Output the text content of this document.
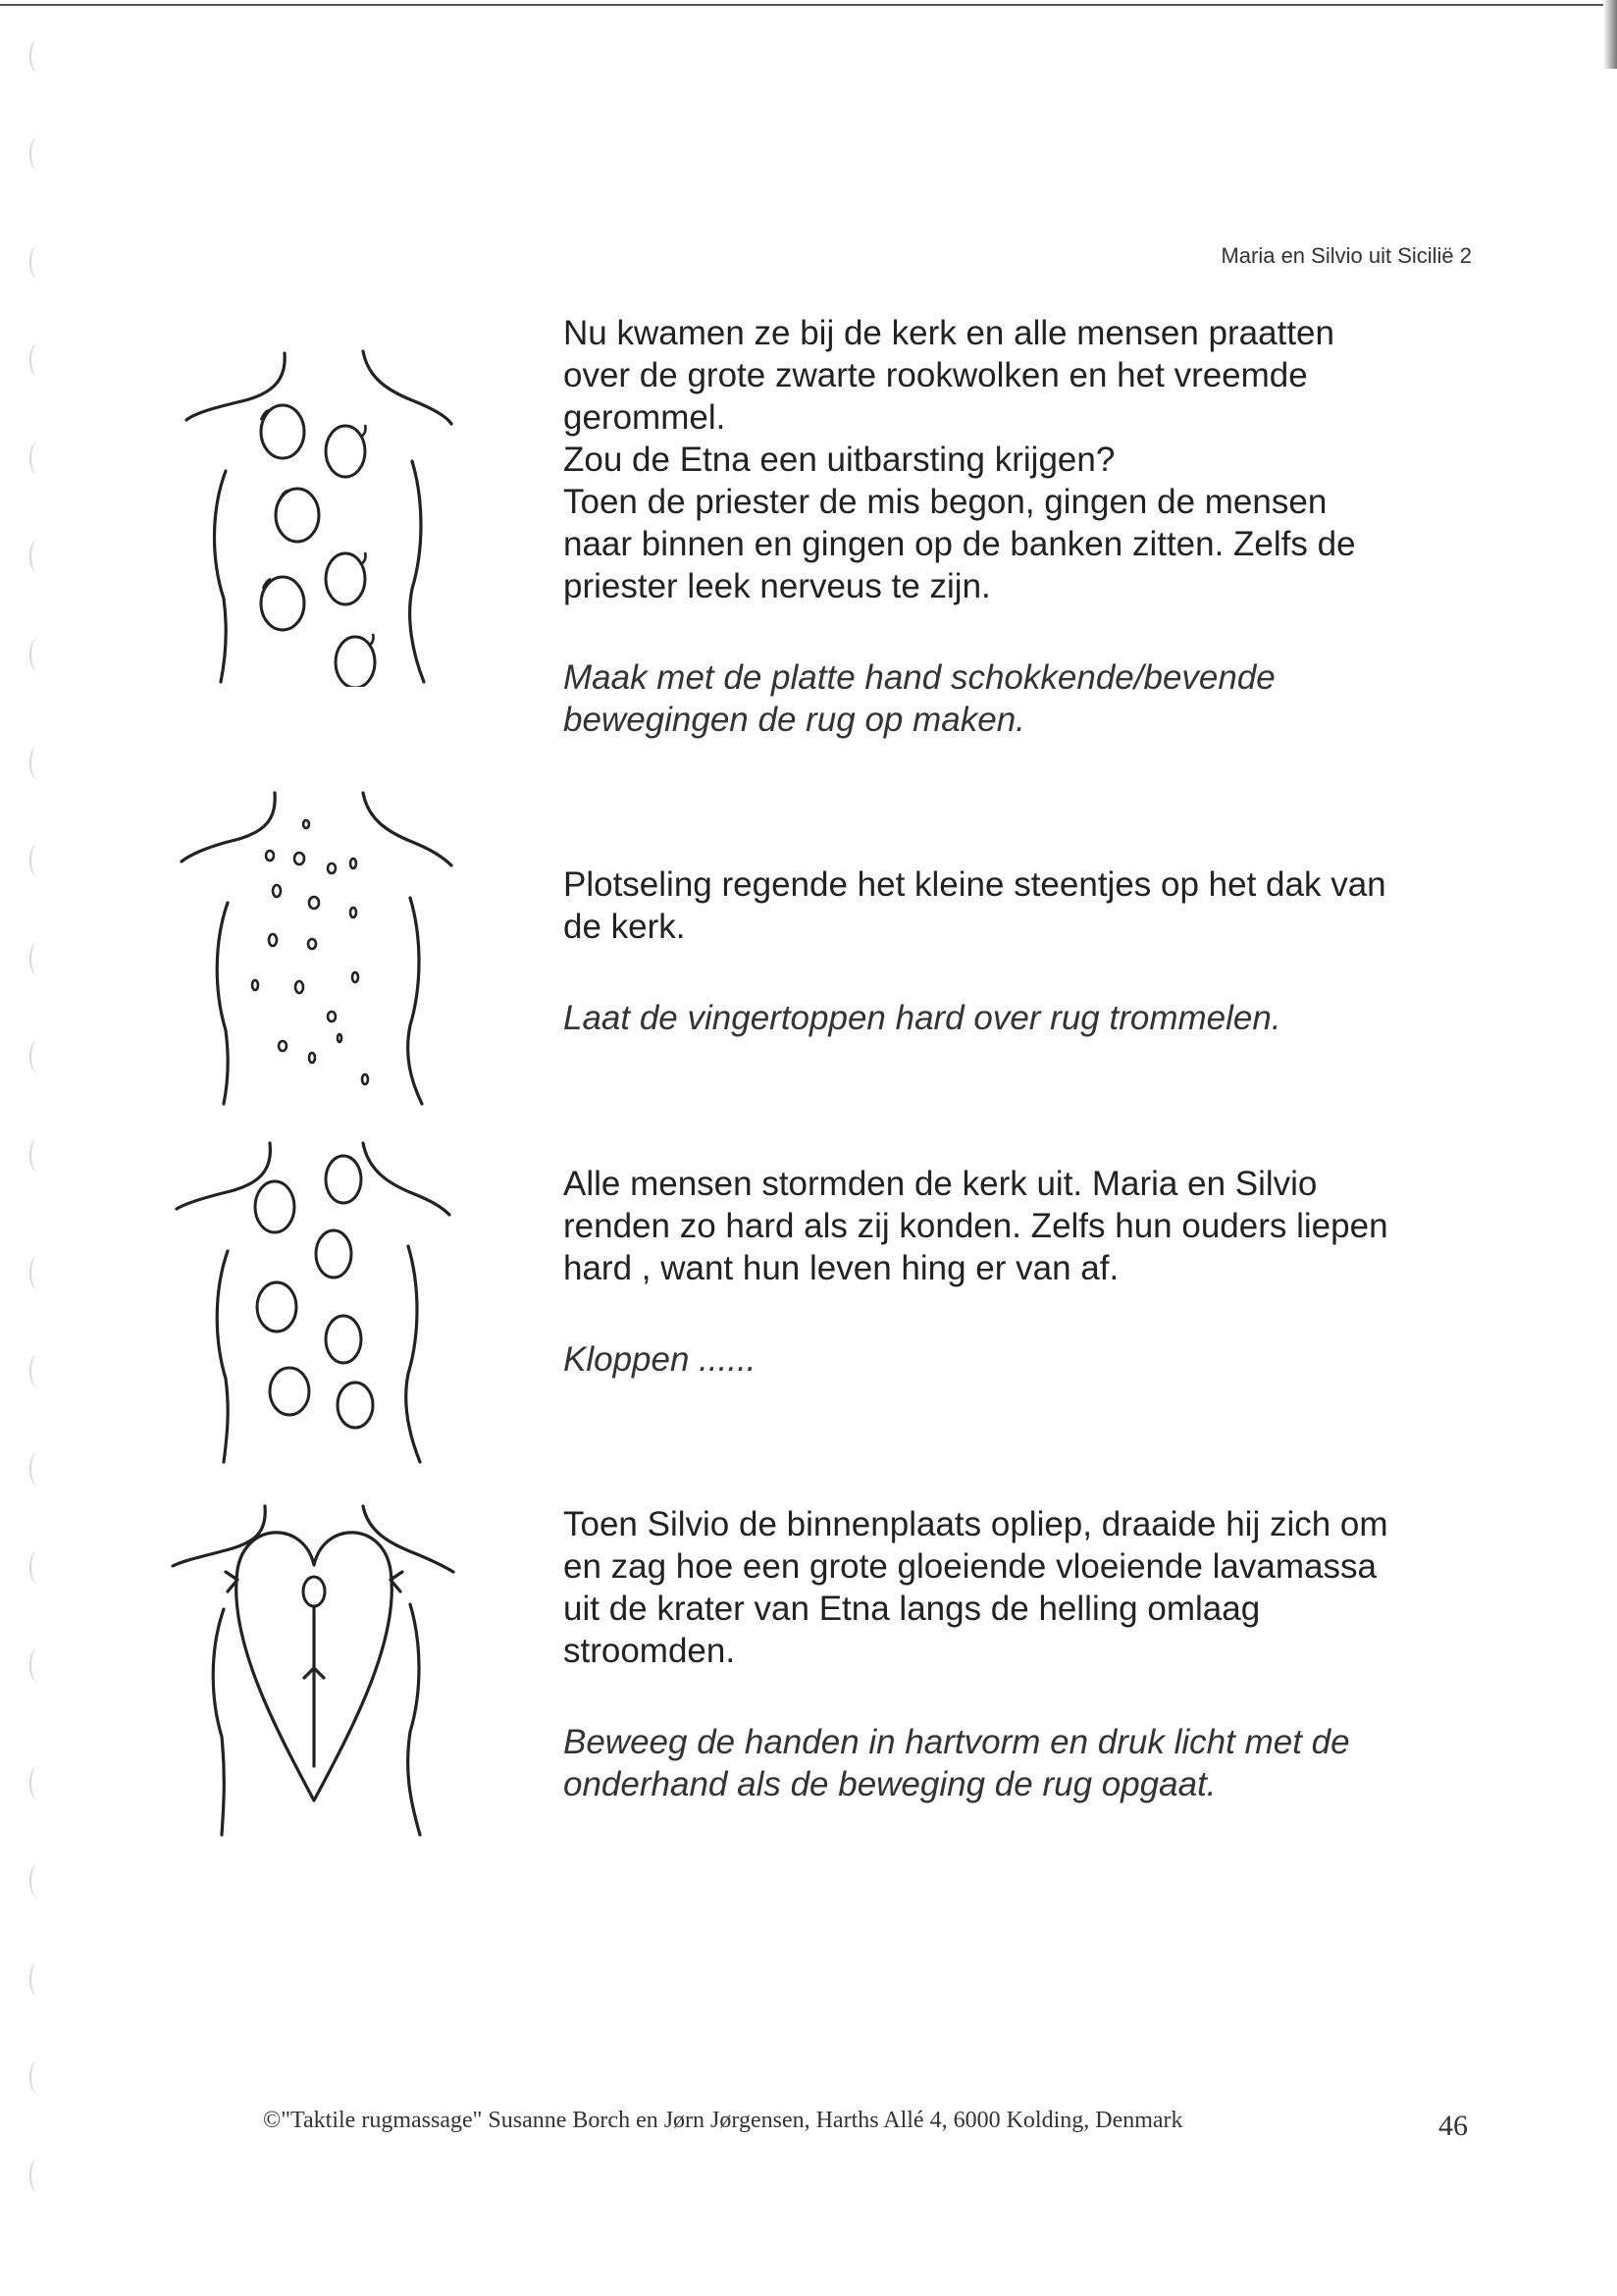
Maria en Silvio uit Sicilië 2

Nu kwamen ze bij de kerk en alle mensen praatten
over de grote zwarte rookwolken en het vreemde
gerommel.
Zou de Etna een uitbarsting krijgen?
Toen de priester de mis begon, gingen de mensen
naar binnen en gingen op de banken zitten. Zelfs de
priester leek nerveus te zijn.

Maak met de platte hand schokkende/bevende
bewegingen de rug op maken.

Plotseling regende het kleine steentjes op het dak van
de kerk.

Laat de vingertoppen hard over rug trommelen.

Alle mensen stormden de kerk uit. Maria en Silvio
renden zo hard als zij konden. Zelfs hun ouders liepen
hard , want hun leven hing er van af.

Kloppen ......

Toen Silvio de binnenplaats opliep, draaide hij zich om
en zag hoe een grote gloeiende vloeiende lavamassa
uit de krater van Etna langs de helling omlaag
stroomden.

Beweeg de handen in hartvorm en druk licht met de
onderhand als de beweging de rug opgaat.

©"Taktile rugmassage" Susanne Borch en Jørn Jørgensen, Harths Allé 4, 6000 Kolding, Denmark	46
